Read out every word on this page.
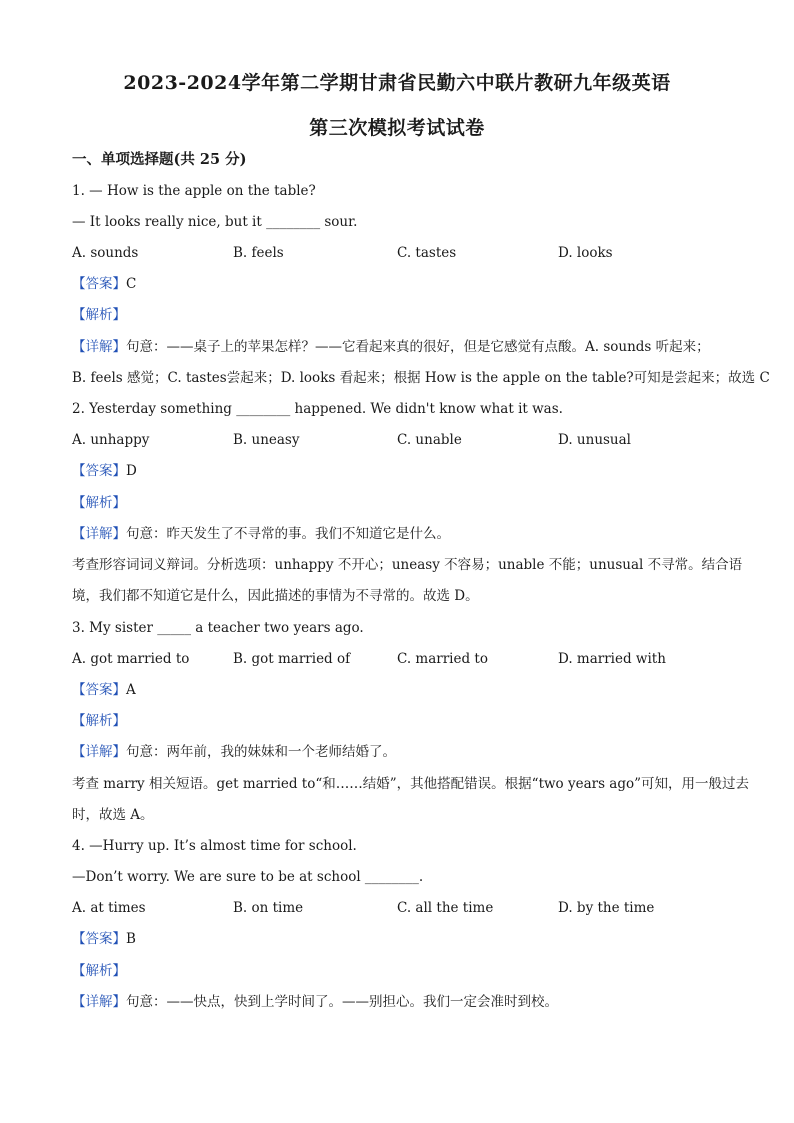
2023-2024学年第二学期甘肃省民勤六中联片教研九年级英语
第三次模拟考试试卷
一、单项选择题(共 25 分)
1. — How is the apple on the table?
— It looks really nice, but it ________ sour.
A. sounds	B. feels	C. tastes	D. looks
【答案】C
【解析】
【详解】句意：——桌子上的苹果怎样？——它看起来真的很好，但是它感觉有点酸。A. sounds 听起来；
B. feels 感觉；C. tastes尝起来；D. looks 看起来；根据 How is the apple on the table?可知是尝起来；故选 C
2. Yesterday something ________ happened. We didn't know what it was.
A. unhappy	B. uneasy	C. unable	D. unusual
【答案】D
【解析】
【详解】句意：昨天发生了不寻常的事。我们不知道它是什么。
考查形容词词义辩词。分析选项：unhappy 不开心；uneasy 不容易；unable 不能；unusual 不寻常。结合语
境，我们都不知道它是什么，因此描述的事情为不寻常的。故选 D。
3. My sister _____ a teacher two years ago.
A. got married to	B. got married of	C. married to	D. married with
【答案】A
【解析】
【详解】句意：两年前，我的妹妹和一个老师结婚了。
考查 marry 相关短语。get married to“和……结婚”，其他搭配错误。根据“two years ago”可知，用一般过去
时，故选 A。
4. —Hurry up. It’s almost time for school.
—Don’t worry. We are sure to be at school ________.
A. at times	B. on time	C. all the time	D. by the time
【答案】B
【解析】
【详解】句意：——快点，快到上学时间了。——别担心。我们一定会准时到校。
